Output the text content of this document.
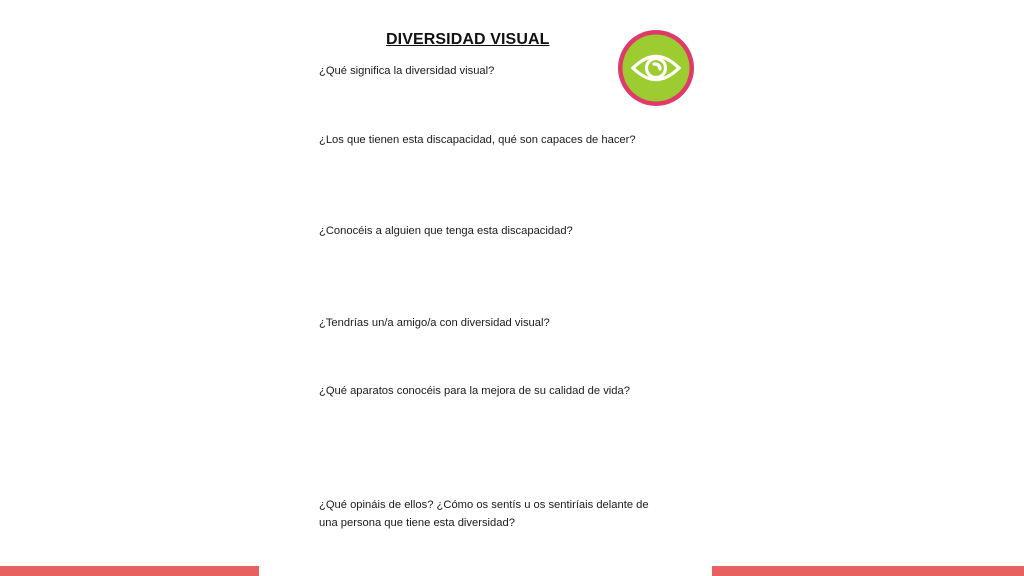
DIVERSIDAD VISUAL

¿Qué significa la diversidad visual?

¿Los que tienen esta discapacidad, qué son capaces de hacer?

¿Conocéis a alguien que tenga esta discapacidad?

¿Tendrías un/a amigo/a con diversidad visual?

¿Qué aparatos conocéis para la mejora de su calidad de vida?

¿Qué opináis de ellos? ¿Cómo os sentís u os sentiríais delante de una persona que tiene esta diversidad?
